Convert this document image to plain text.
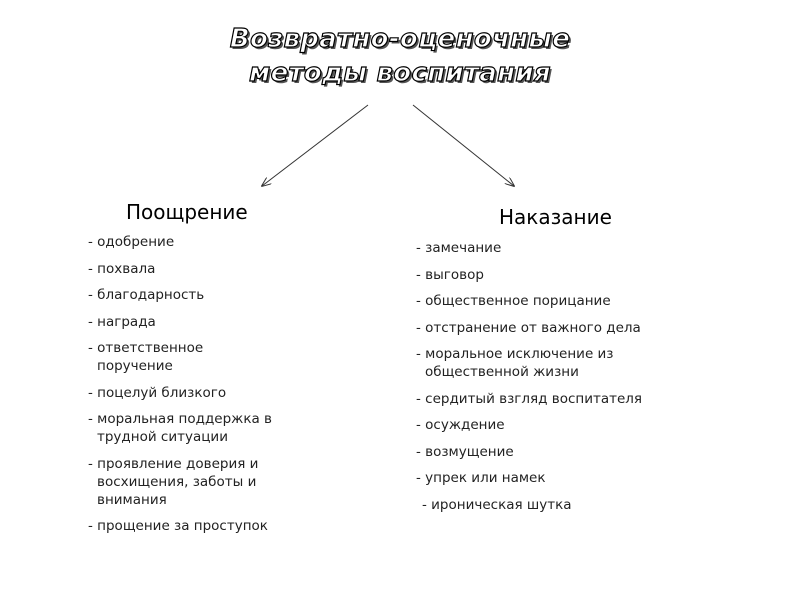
Возвратно-оценочные
методы воспитания
Поощрение
- одобрение
- похвала
- благодарность
- награда
- ответственное поручение
- поцелуй близкого
- моральная поддержка в трудной ситуации
- проявление доверия и восхищения, заботы и внимания
- прощение за проступок
Наказание
- замечание
- выговор
- общественное порицание
- отстранение от важного дела
- моральное исключение из общественной жизни
- сердитый взгляд воспитателя
- осуждение
- возмущение
- упрек или намек
- ироническая шутка
